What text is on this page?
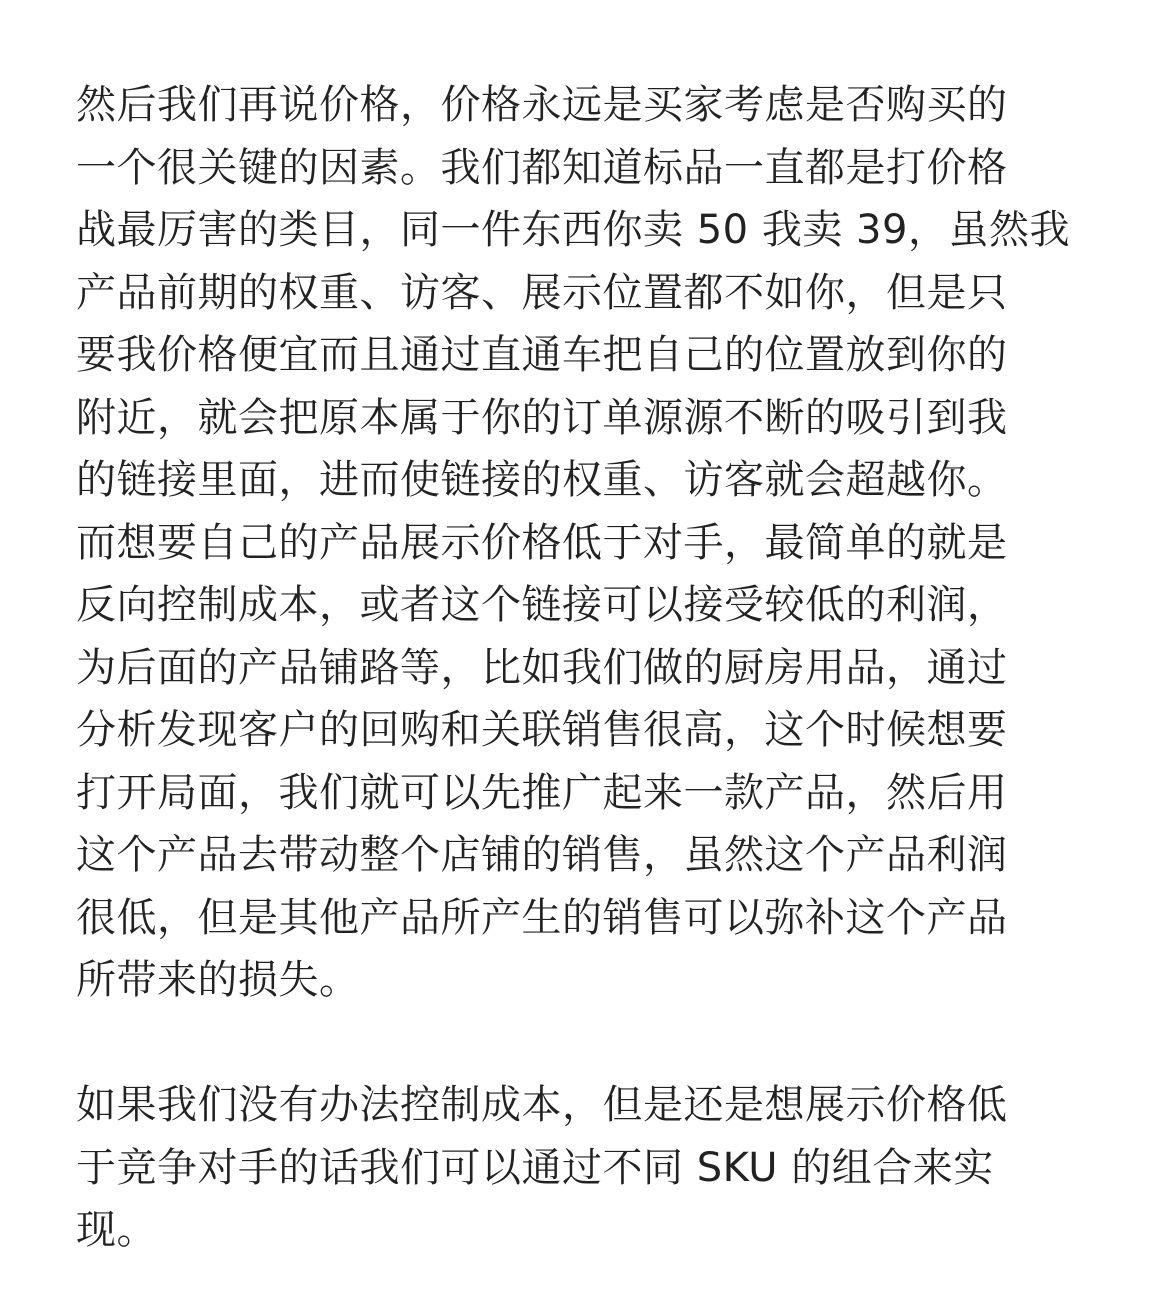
然后我们再说价格，价格永远是买家考虑是否购买的
一个很关键的因素。我们都知道标品一直都是打价格
战最厉害的类目，同一件东西你卖 50 我卖 39，虽然我
产品前期的权重、访客、展示位置都不如你，但是只
要我价格便宜而且通过直通车把自己的位置放到你的
附近，就会把原本属于你的订单源源不断的吸引到我
的链接里面，进而使链接的权重、访客就会超越你。
而想要自己的产品展示价格低于对手，最简单的就是
反向控制成本，或者这个链接可以接受较低的利润，
为后面的产品铺路等，比如我们做的厨房用品，通过
分析发现客户的回购和关联销售很高，这个时候想要
打开局面，我们就可以先推广起来一款产品，然后用
这个产品去带动整个店铺的销售，虽然这个产品利润
很低，但是其他产品所产生的销售可以弥补这个产品
所带来的损失。
如果我们没有办法控制成本，但是还是想展示价格低
于竞争对手的话我们可以通过不同 SKU 的组合来实
现。
